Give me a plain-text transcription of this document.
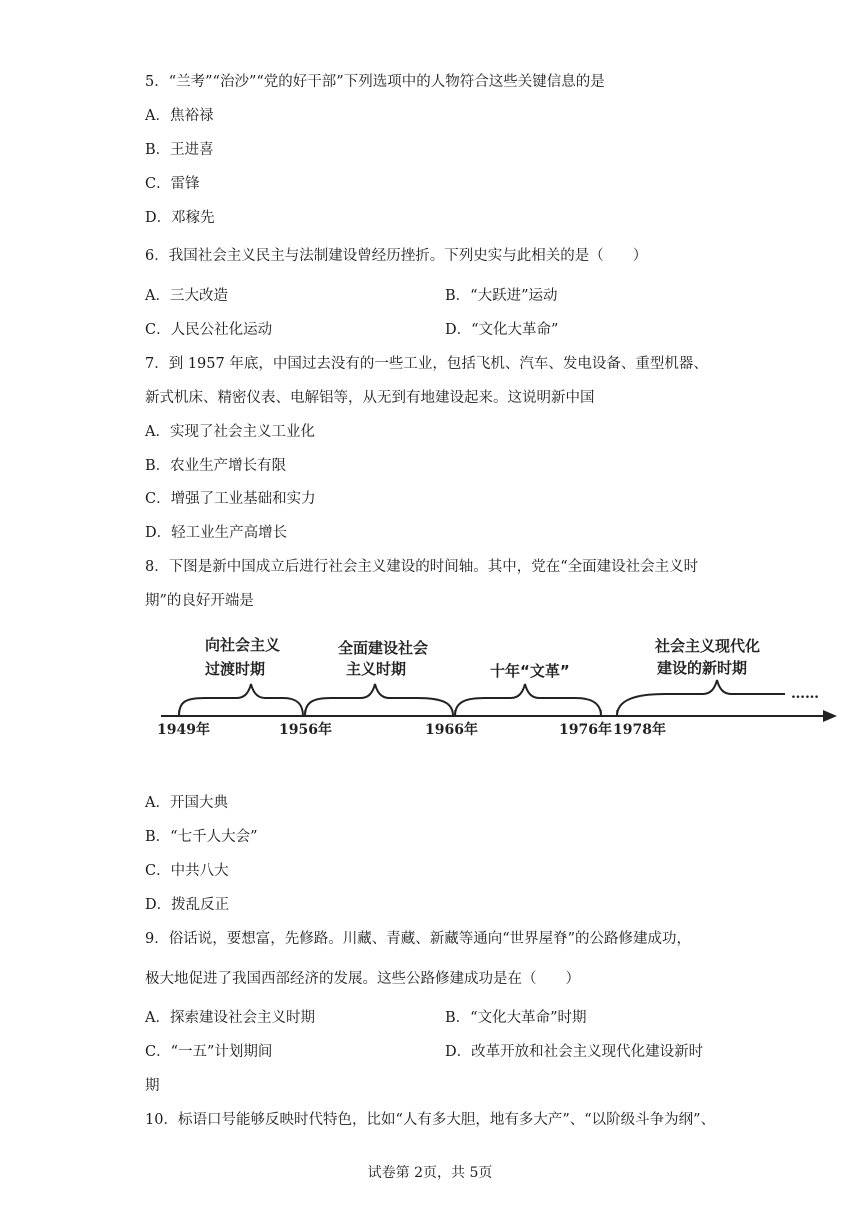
5．“兰考”“治沙”“党的好干部”下列选项中的人物符合这些关键信息的是
A．焦裕禄
B．王进喜
C．雷锋
D．邓稼先
6．我国社会主义民主与法制建设曾经历挫折。下列史实与此相关的是（　　）
A．三大改造	B．“大跃进”运动
C．人民公社化运动	D．“文化大革命”
7．到 1957 年底，中国过去没有的一些工业，包括飞机、汽车、发电设备、重型机器、
新式机床、精密仪表、电解铝等，从无到有地建设起来。这说明新中国
A．实现了社会主义工业化
B．农业生产增长有限
C．增强了工业基础和实力
D．轻工业生产高增长
8．下图是新中国成立后进行社会主义建设的时间轴。其中，党在“全面建设社会主义时
期”的良好开端是
向社会主义
过渡时期
全面建设社会
主义时期	十年“文革”
社会主义现代化
建设的新时期
……
1949年	1956年	1966年	1976年 1978年
A．开国大典
B．“七千人大会”
C．中共八大
D．拨乱反正
9．俗话说，要想富，先修路。川藏、青藏、新藏等通向“世界屋脊”的公路修建成功，
极大地促进了我国西部经济的发展。这些公路修建成功是在（　　）
A．探索建设社会主义时期	B．“文化大革命”时期
C．“一五”计划期间	D．改革开放和社会主义现代化建设新时
期
10．标语口号能够反映时代特色，比如“人有多大胆，地有多大产”、“以阶级斗争为纲”、
试卷第 2页，共 5页
